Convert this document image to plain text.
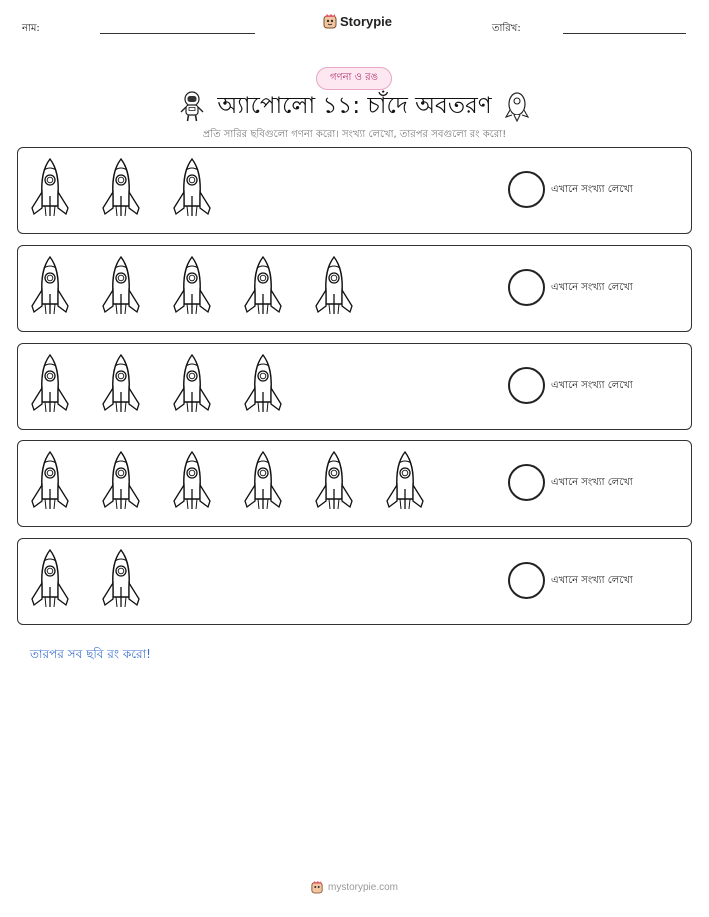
নাম:	Storypie	তারিখ:
গণনা ও রঙ
অ্যাপোলো ১১: চাঁদে অবতরণ
প্রতি সারির ছবিগুলো গণনা করো। সংখ্যা লেখো, তারপর সবগুলো রং করো!
এখানে সংখ্যা লেখো
এখানে সংখ্যা লেখো
এখানে সংখ্যা লেখো
এখানে সংখ্যা লেখো
এখানে সংখ্যা লেখো
তারপর সব ছবি রং করো!
mystorypie.com
